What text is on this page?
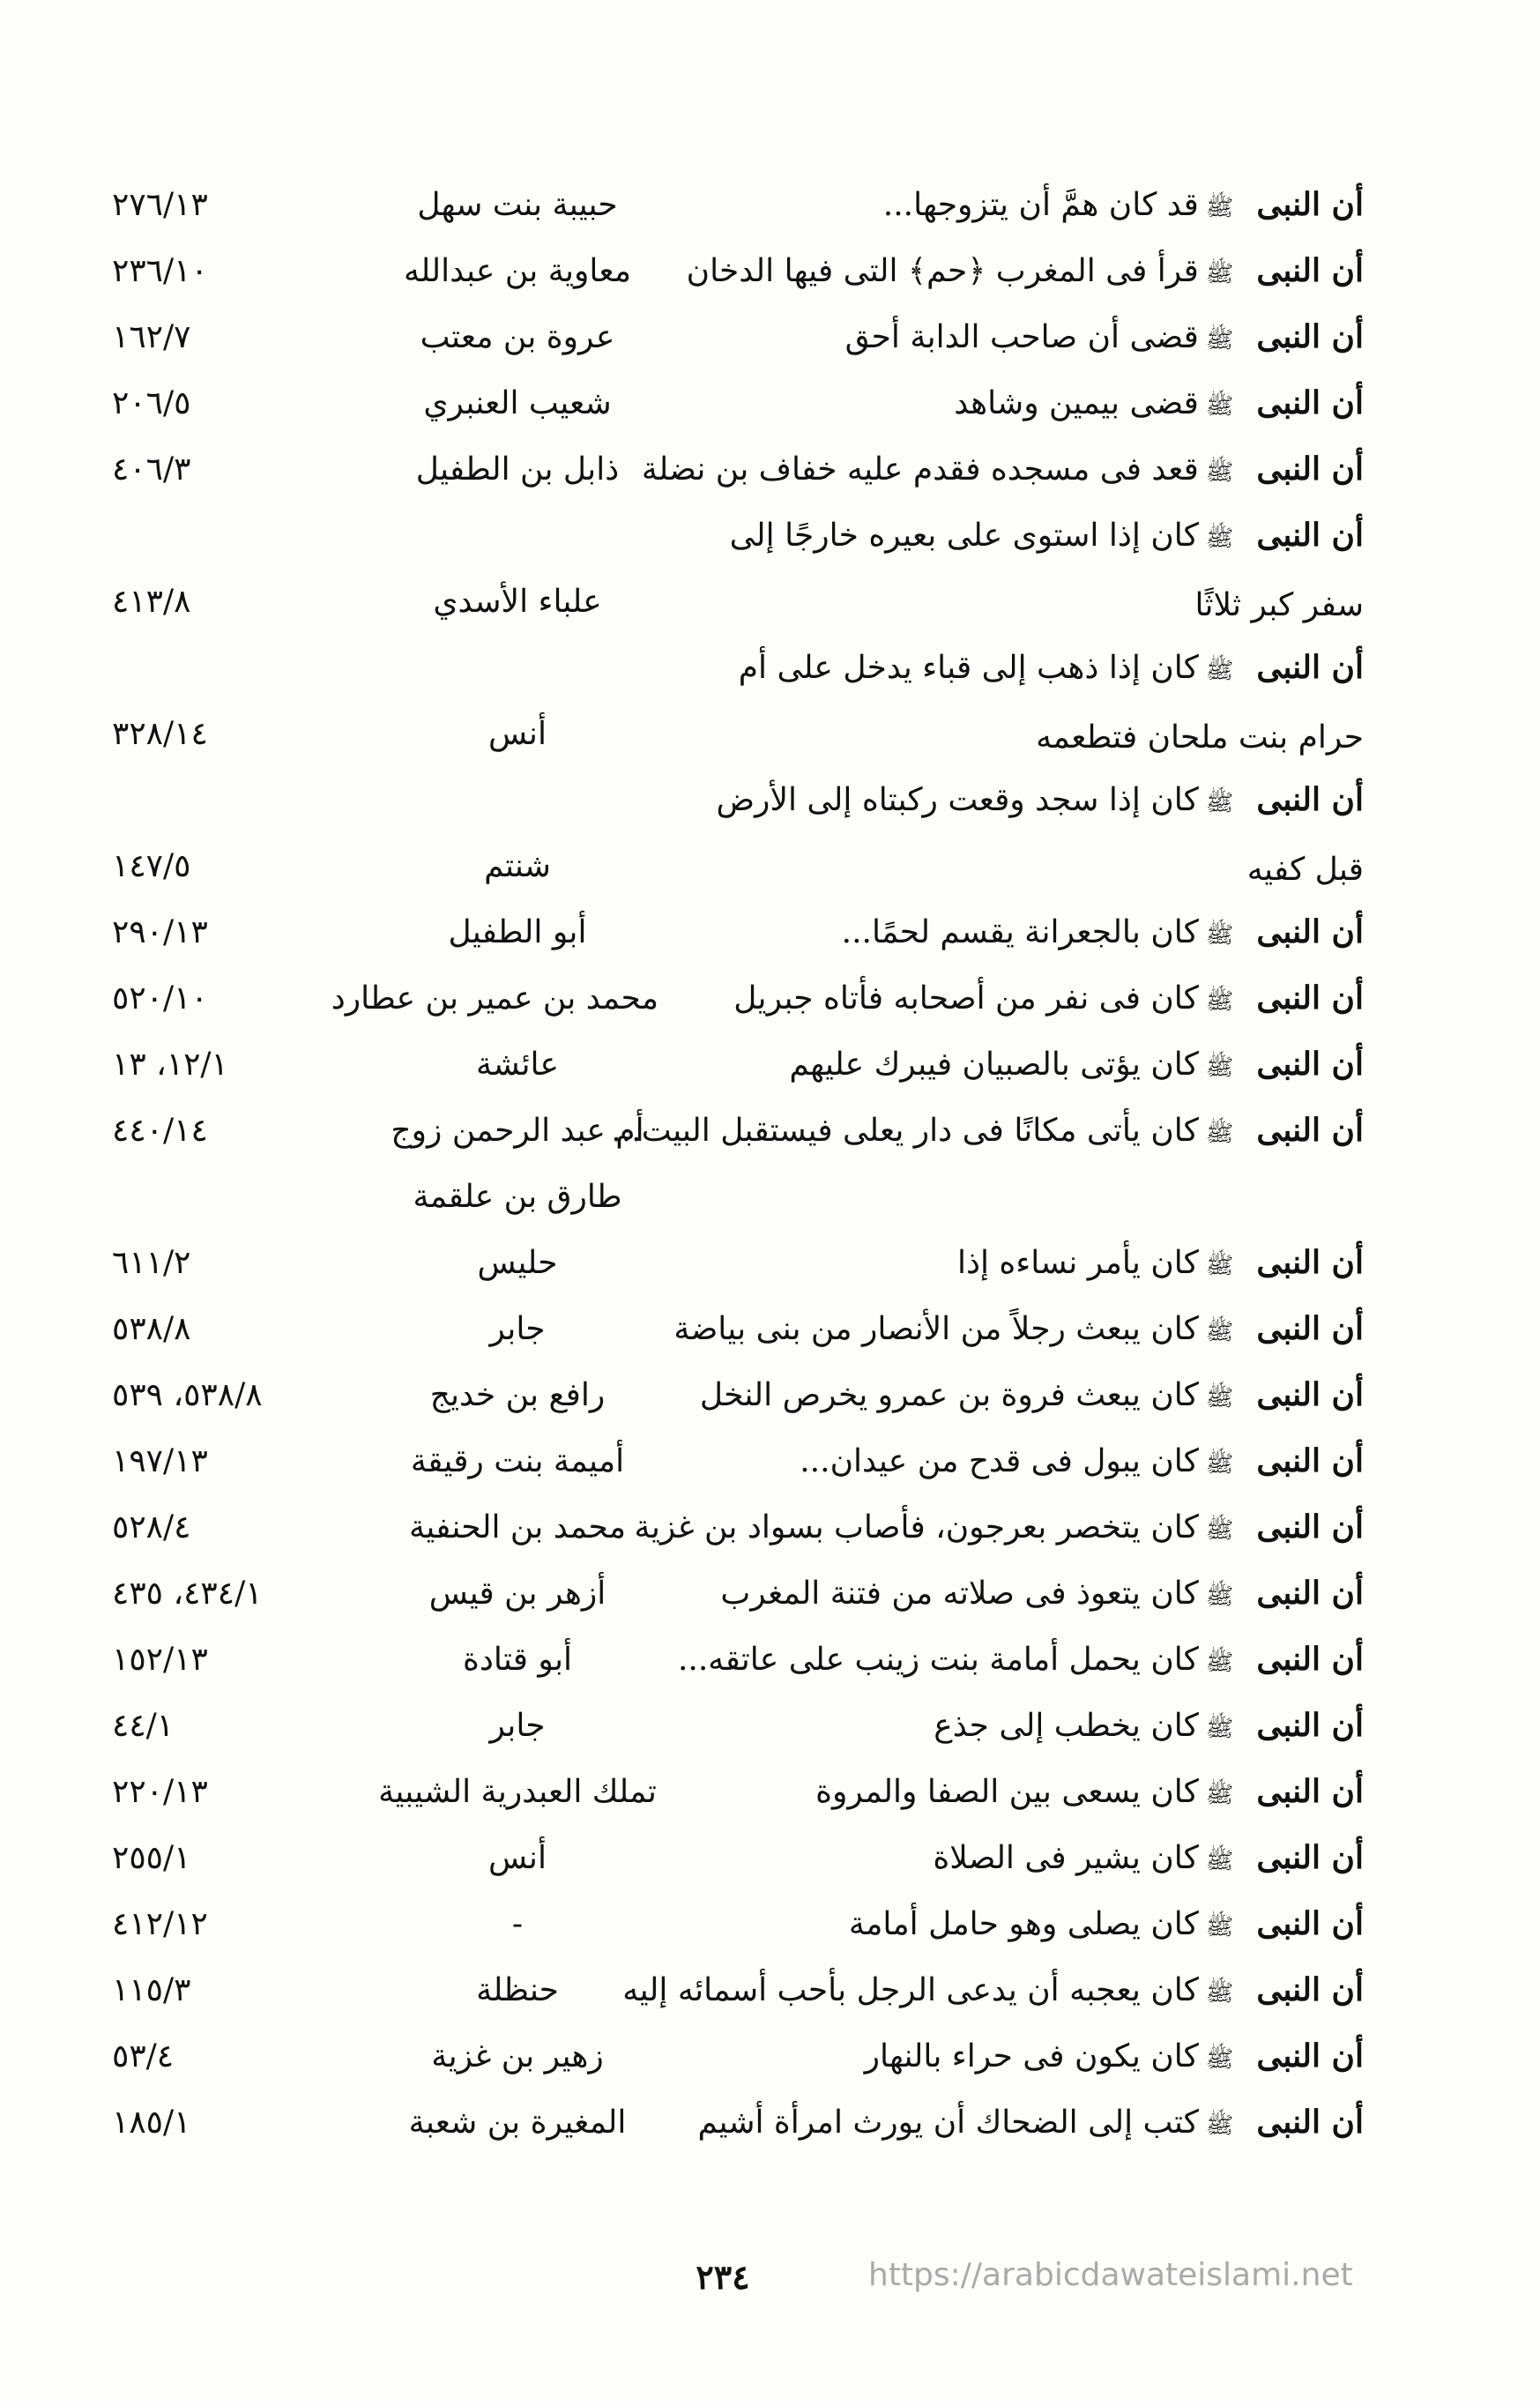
أن النبىﷺقد كان همَّ أن يتزوجها...
حبيبة بنت سهل
٢٧٦/١٣
أن النبىﷺقرأ فى المغرب ﴿حم﴾ التى فيها الدخان
معاوية بن عبدالله
٢٣٦/١٠
أن النبىﷺقضى أن صاحب الدابة أحق
عروة بن معتب
١٦٢/٧
أن النبىﷺقضى بيمين وشاهد
شعيب العنبري
٢٠٦/٥
أن النبىﷺقعد فى مسجده فقدم عليه خفاف بن نضلة
ذابل بن الطفيل
٤٠٦/٣
أن النبىﷺكان إذا استوى على بعيره خارجًا إلى سفر كبر ثلاثًا
علباء الأسدي
٤١٣/٨
أن النبىﷺكان إذا ذهب إلى قباء يدخل على أم حرام بنت ملحان فتطعمه
أنس
٣٢٨/١٤
أن النبىﷺكان إذا سجد وقعت ركبتاه إلى الأرض قبل كفيه
شنتم
١٤٧/٥
أن النبىﷺكان بالجعرانة يقسم لحمًا...
أبو الطفيل
٢٩٠/١٣
أن النبىﷺكان فى نفر من أصحابه فأتاه جبريل
محمد بن عمير بن عطارد
٥٢٠/١٠
أن النبىﷺكان يؤتى بالصبيان فيبرك عليهم
عائشة
١٢/١، ١٣
أن النبىﷺكان يأتى مكانًا فى دار يعلى فيستقبل البيت...
أم عبد الرحمن زوج طارق بن علقمة
٤٤٠/١٤
أن النبىﷺكان يأمر نساءه إذا
حليس
٦١١/٢
أن النبىﷺكان يبعث رجلاً من الأنصار من بنى بياضة
جابر
٥٣٨/٨
أن النبىﷺكان يبعث فروة بن عمرو يخرص النخل
رافع بن خديج
٥٣٨/٨، ٥٣٩
أن النبىﷺكان يبول فى قدح من عيدان...
أميمة بنت رقيقة
١٩٧/١٣
أن النبىﷺكان يتخصر بعرجون، فأصاب بسواد بن غزية
محمد بن الحنفية
٥٢٨/٤
أن النبىﷺكان يتعوذ فى صلاته من فتنة المغرب
أزهر بن قيس
٤٣٤/١، ٤٣٥
أن النبىﷺكان يحمل أمامة بنت زينب على عاتقه...
أبو قتادة
١٥٢/١٣
أن النبىﷺكان يخطب إلى جذع
جابر
٤٤/١
أن النبىﷺكان يسعى بين الصفا والمروة
تملك العبدرية الشيبية
٢٢٠/١٣
أن النبىﷺكان يشير فى الصلاة
أنس
٢٥٥/١
أن النبىﷺكان يصلى وهو حامل أمامة
-
٤١٢/١٢
أن النبىﷺكان يعجبه أن يدعى الرجل بأحب أسمائه إليه
حنظلة
١١٥/٣
أن النبىﷺكان يكون فى حراء بالنهار
زهير بن غزية
٥٣/٤
أن النبىﷺكتب إلى الضحاك أن يورث امرأة أشيم
المغيرة بن شعبة
١٨٥/١
٢٣٤	https://arabicdawateislami.net
